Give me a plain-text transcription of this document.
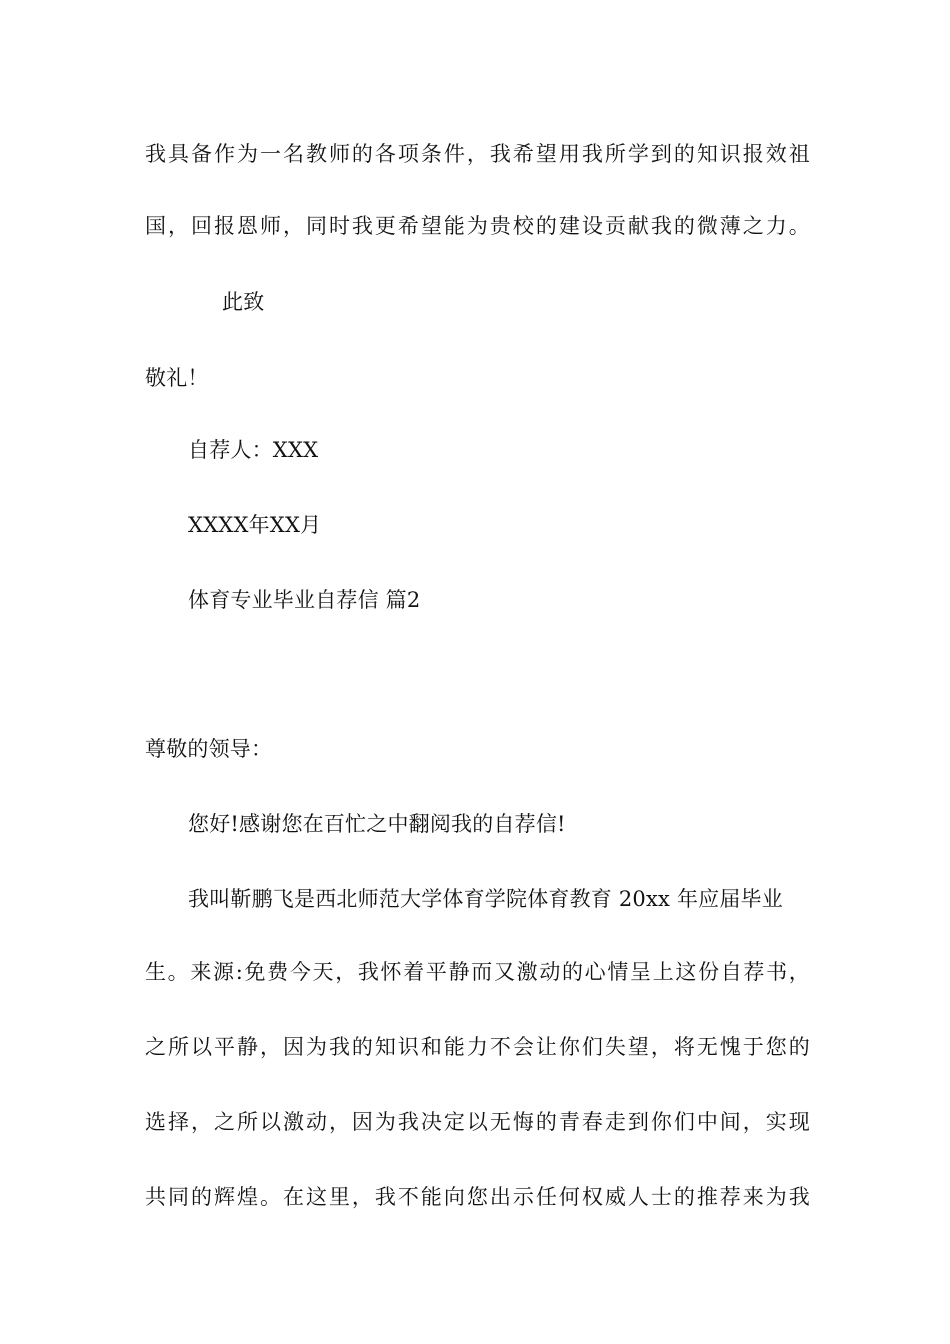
我具备作为一名教师的各项条件，我希望用我所学到的知识报效祖
国，回报恩师，同时我更希望能为贵校的建设贡献我的微薄之力。
此致
敬礼！
自荐人：XXX
XXXX年XX月
体育专业毕业自荐信 篇2
尊敬的领导：
您好!感谢您在百忙之中翻阅我的自荐信!
我叫靳鹏飞是西北师范大学体育学院体育教育 20xx 年应届毕业
生。来源:免费今天，我怀着平静而又激动的心情呈上这份自荐书，
之所以平静，因为我的知识和能力不会让你们失望，将无愧于您的
选择，之所以激动，因为我决定以无悔的青春走到你们中间，实现
共同的辉煌。在这里，我不能向您出示任何权威人士的推荐来为我
